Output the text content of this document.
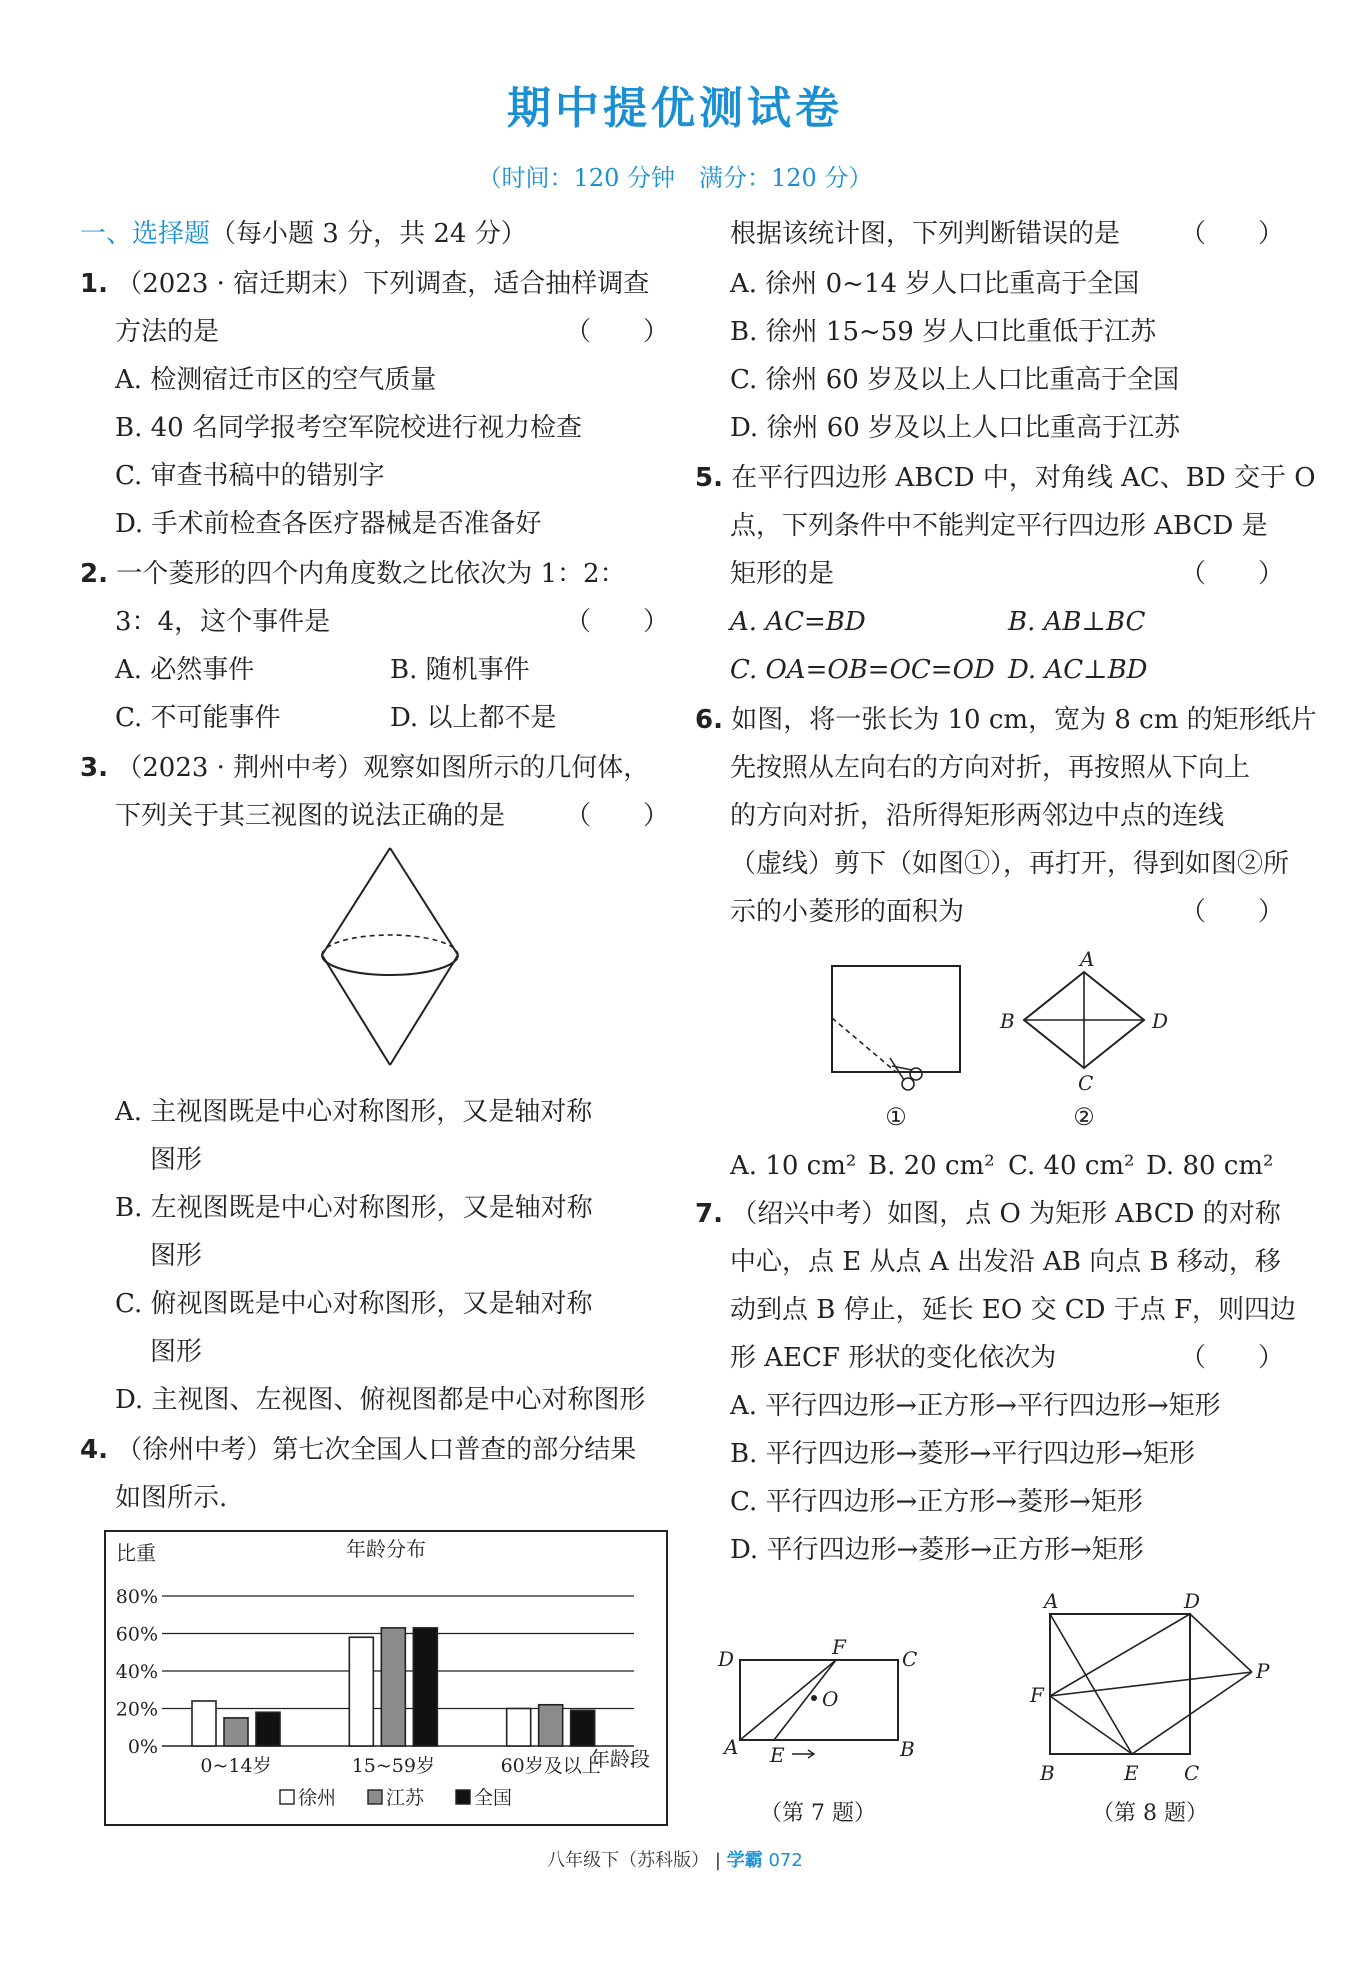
期中提优测试卷
（时间：120 分钟　满分：120 分）
一、选择题（每小题 3 分，共 24 分）
1. （2023 · 宿迁期末）下列调查，适合抽样调查
方法的是	（　　）
A. 检测宿迁市区的空气质量
B. 40 名同学报考空军院校进行视力检查
C. 审查书稿中的错别字
D. 手术前检查各医疗器械是否准备好
2. 一个菱形的四个内角度数之比依次为 1：2：
3：4，这个事件是	（　　）
A. 必然事件	B. 随机事件
C. 不可能事件	D. 以上都不是
3. （2023 · 荆州中考）观察如图所示的几何体，
下列关于其三视图的说法正确的是 （　　）
A. 主视图既是中心对称图形，又是轴对称
图形
B. 左视图既是中心对称图形，又是轴对称
图形
C. 俯视图既是中心对称图形，又是轴对称
图形
D. 主视图、左视图、俯视图都是中心对称图形
4. （徐州中考）第七次全国人口普查的部分结果
如图所示.
比重	年龄分布
年龄段
0%
20%
40%
60%
80%
0~14岁	15~59岁	60岁及以上
徐州	江苏	全国
根据该统计图，下列判断错误的是 （　　）
A. 徐州 0~14 岁人口比重高于全国
B. 徐州 15~59 岁人口比重低于江苏
C. 徐州 60 岁及以上人口比重高于全国
D. 徐州 60 岁及以上人口比重高于江苏
5. 在平行四边形 ABCD 中，对角线 AC、BD 交于 O
点，下列条件中不能判定平行四边形 ABCD 是
矩形的是	（　　）
A. AC=BD	B. AB⊥BC
C. OA=OB=OC=OD D. AC⊥BD
6. 如图，将一张长为 10 cm，宽为 8 cm 的矩形纸片
先按照从左向右的方向对折，再按照从下向上
的方向对折，沿所得矩形两邻边中点的连线
（虚线）剪下（如图①），再打开，得到如图②所
示的小菱形的面积为	（　　）
①
A
B
C
D
②
A. 10 cm² B. 20 cm² C. 40 cm² D. 80 cm²
7. （绍兴中考）如图，点 O 为矩形 ABCD 的对称
中心，点 E 从点 A 出发沿 AB 向点 B 移动，移
动到点 B 停止，延长 EO 交 CD 于点 F，则四边
形 AECF 形状的变化依次为	（　　）
A. 平行四边形→正方形→平行四边形→矩形
B. 平行四边形→菱形→平行四边形→矩形
C. 平行四边形→正方形→菱形→矩形
D. 平行四边形→菱形→正方形→矩形
D	F	C
O
A E	B
（第 7 题）
A	D
P
F
B	E C
（第 8 题）
八年级下（苏科版） | 学霸 072
